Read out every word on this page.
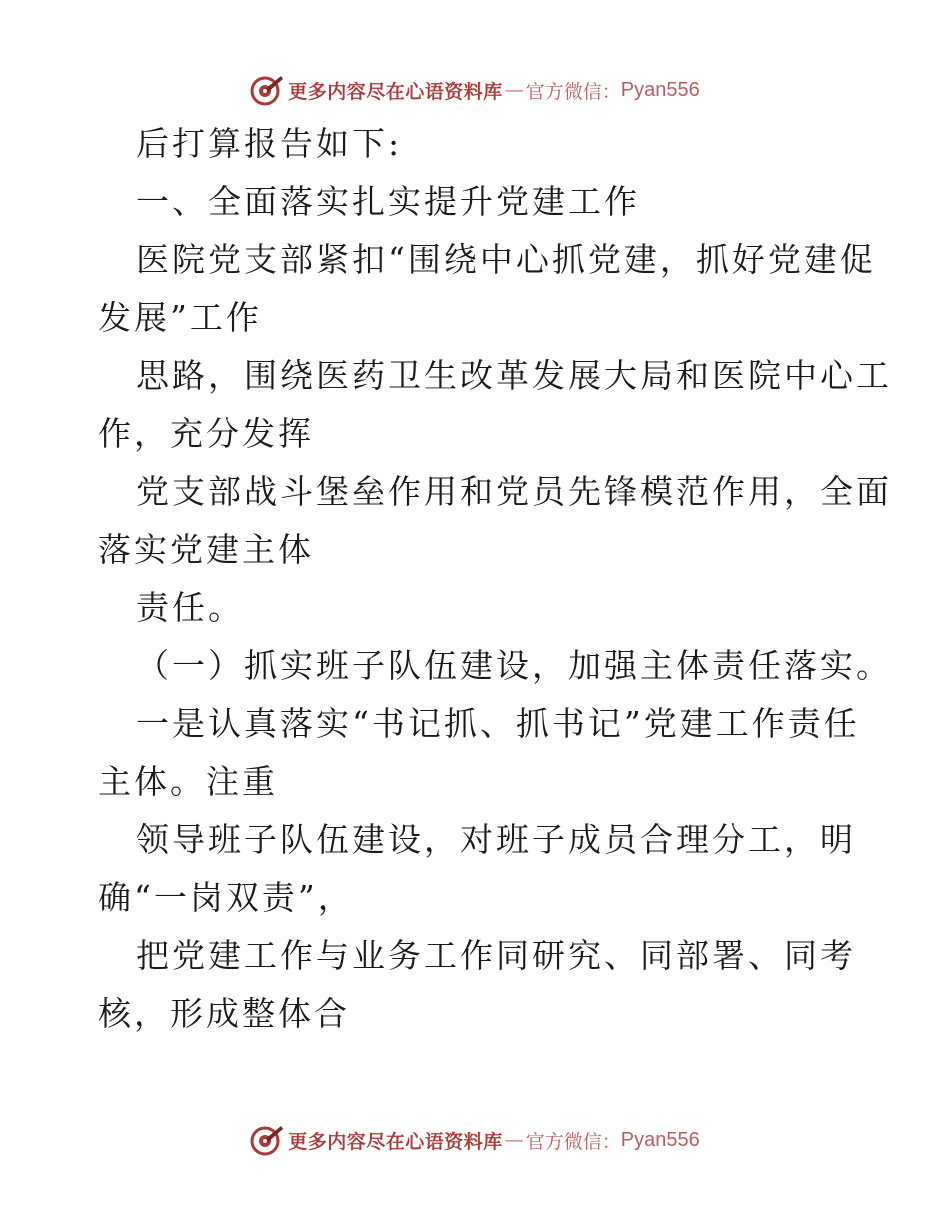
更多内容尽在心语资料库 — 官方微信： Pyan556
后打算报告如下:
一、全面落实扎实提升党建工作
医院党支部紧扣“围绕中心抓党建，抓好党建促
发展”工作
思路，围绕医药卫生改革发展大局和医院中心工
作，充分发挥
党支部战斗堡垒作用和党员先锋模范作用，全面
落实党建主体
责任。
（一）抓实班子队伍建设，加强主体责任落实。
一是认真落实“书记抓、抓书记”党建工作责任
主体。注重
领导班子队伍建设，对班子成员合理分工，明
确“一岗双责”，
把党建工作与业务工作同研究、同部署、同考
核，形成整体合
更多内容尽在心语资料库 — 官方微信： Pyan556
